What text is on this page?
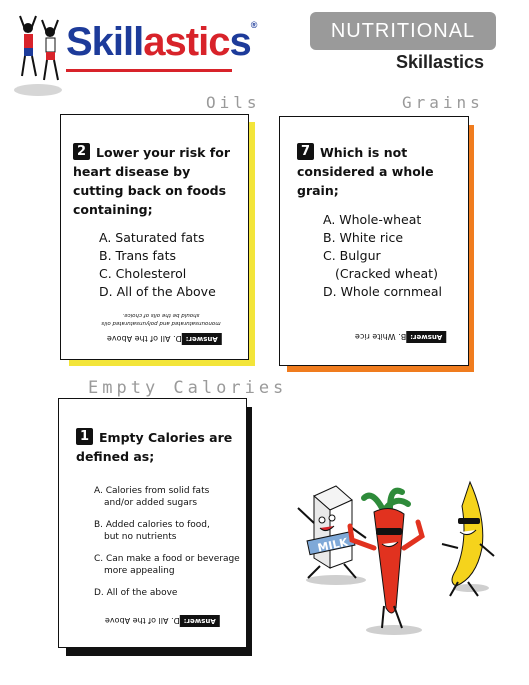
Skillastics®	NUTRITIONAL
Skillastics
Oils	Grains
Empty Calories
2 Lower your risk for heart disease by cutting back on foods containing;
A. Saturated fats
B. Trans fats
C. Cholesterol
D. All of the Above
monounsaturated and polyunsaturated oils should be the oils of choice.
Answer:
D. All of the Above
7 Which is not considered a whole grain;
A. Whole-wheat
B. White rice
C. Bulgur
(Cracked wheat)
D. Whole cornmeal
Answer:
B. White rice
1 Empty Calories are defined as;
A. Calories from solid fats
and/or added sugars
B. Added calories to food,
but no nutrients
C. Can make a food or beverage
more appealing
D. All of the above
Answer:
D. All of the Above
MILK
